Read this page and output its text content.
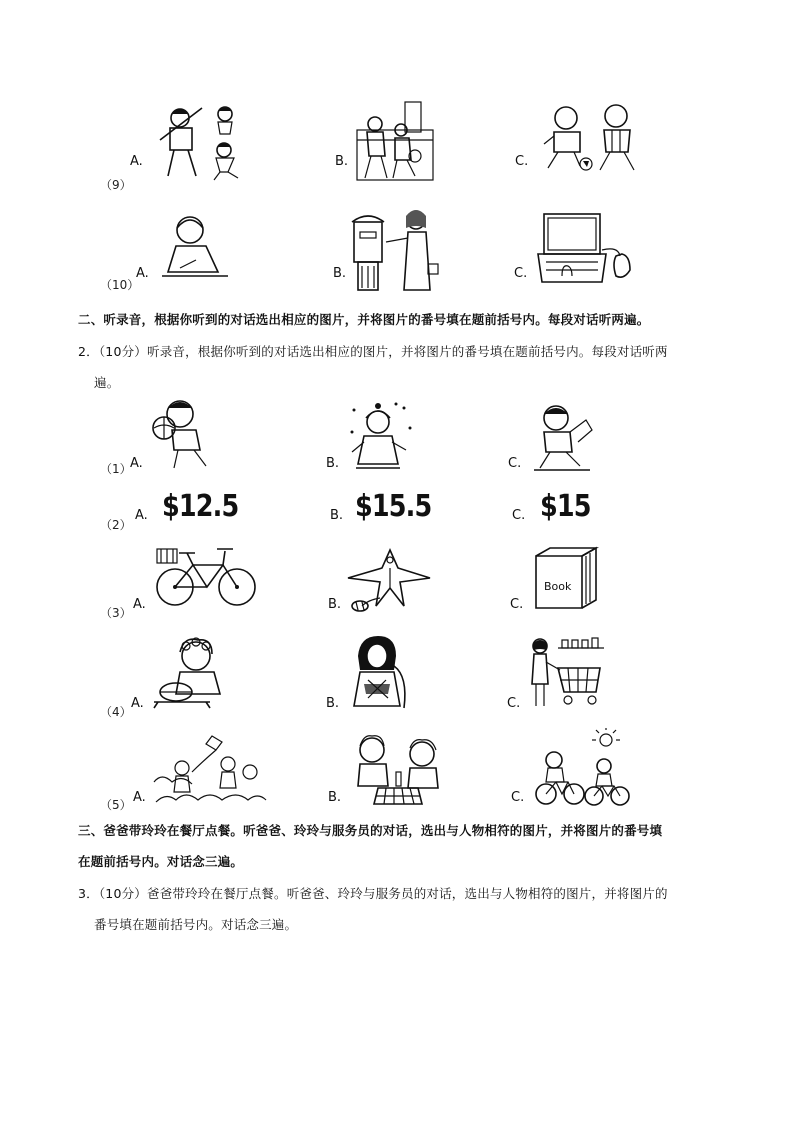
（9）
A.	B.	C.
（10）
A.	B.	C.
二、听录音，根据你听到的对话选出相应的图片，并将图片的番号填在题前括号内。每段对话听两遍。
2．（10分）听录音，根据你听到的对话选出相应的图片，并将图片的番号填在题前括号内。每段对话听两
遍。
（1）
A.	B.	C.
（2）
A. $12.5	B. $15.5	C. $15
（3）
A.	B.	C.
Book
（4）
A.	B.	C.
（5） A.	B.	C.
三、爸爸带玲玲在餐厅点餐。听爸爸、玲玲与服务员的对话，选出与人物相符的图片，并将图片的番号填
在题前括号内。对话念三遍。
3．（10分）爸爸带玲玲在餐厅点餐。听爸爸、玲玲与服务员的对话，选出与人物相符的图片，并将图片的
番号填在题前括号内。对话念三遍。
